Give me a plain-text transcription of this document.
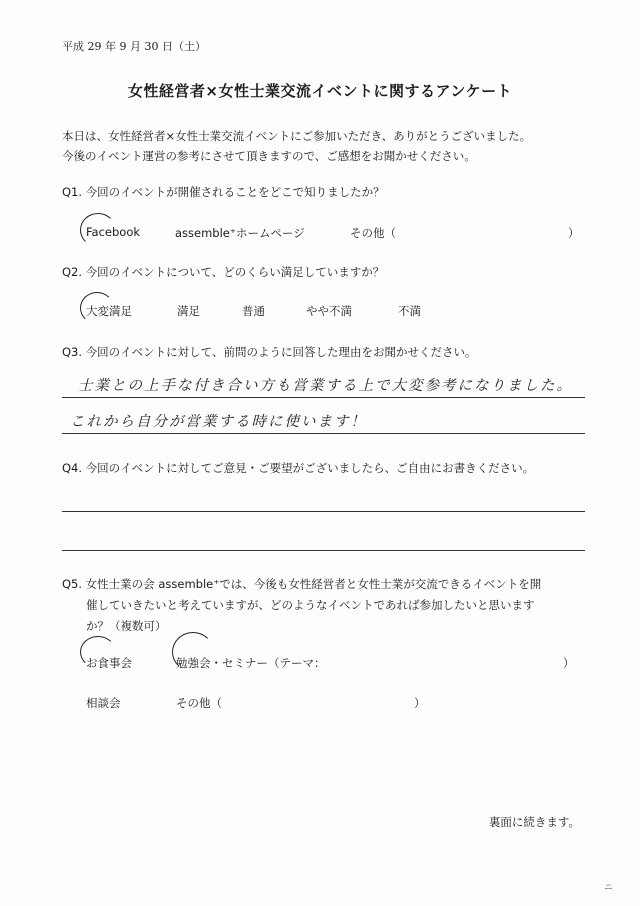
平成 29 年 9 月 30 日（土）
女性経営者×女性士業交流イベントに関するアンケート
本日は、女性経営者×女性士業交流イベントにご参加いただき、ありがとうございました。
今後のイベント運営の参考にさせて頂きますので、ご感想をお聞かせください。
Q1. 今回のイベントが開催されることをどこで知りましたか？
Facebook	assemble⁺ホームページ	その他（	）
Q2. 今回のイベントについて、どのくらい満足していますか？
大変満足	満足	普通	やや不満	不満
Q3. 今回のイベントに対して、前問のように回答した理由をお聞かせください。
士業との上手な付き合い方も営業する上で大変参考になりました。
これから自分が営業する時に使います！
Q4. 今回のイベントに対してご意見・ご要望がございましたら、ご自由にお書きください。
Q5. 女性士業の会 assemble⁺では、今後も女性経営者と女性士業が交流できるイベントを開
催していきたいと考えていますが、どのようなイベントであれば参加したいと思います
か？（複数可）
お食事会	勉強会・セミナー（テーマ：	）
相談会	その他（	）
裏面に続きます。
ニ
